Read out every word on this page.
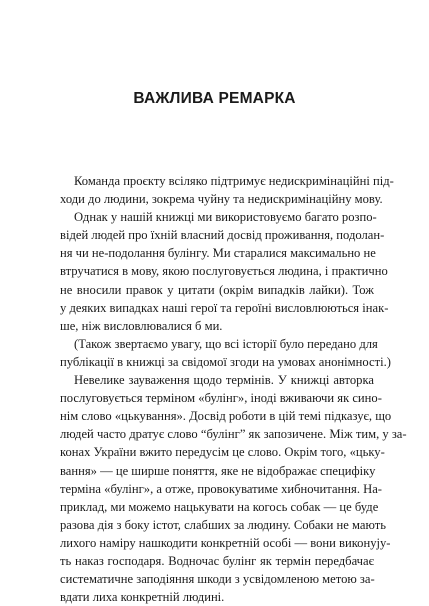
ВАЖЛИВА РЕМАРКА
Команда проєкту всіляко підтримує недискримінаційні під-
ходи до людини, зокрема чуйну та недискримінаційну мову.
Однак у нашій книжці ми використовуємо багато розпо-
відей людей про їхній власний досвід проживання, подолан-
ня чи не-подолання булінгу. Ми старалися максимально не
втручатися в мову, якою послуговується людина, і практично
не вносили правок у цитати (окрім випадків лайки). Тож
у деяких випадках наші герої та героїні висловлюються інак-
ше, ніж висловлювалися б ми.
(Також звертаємо увагу, що всі історії було передано для
публікації в книжці за свідомої згоди на умовах анонімності.)
Невелике зауваження щодо термінів. У книжці авторка
послуговується терміном «булінг», іноді вживаючи як сино-
нім слово «цькування». Досвід роботи в цій темі підказує, що
людей часто дратує слово “булінг” як запозичене. Між тим, у за-
конах України вжито передусім це слово. Окрім того, «цьку-
вання» — це ширше поняття, яке не відображає специфіку
терміна «булінг», а отже, провокуватиме хибночитання. На-
приклад, ми можемо нацькувати на когось собак — це буде
разова дія з боку істот, слабших за людину. Собаки не мають
лихого наміру нашкодити конкретній особі — вони виконују-
ть наказ господаря. Водночас булінг як термін передбачає
систематичне заподіяння шкоди з усвідомленою метою за-
вдати лиха конкретній людині.
